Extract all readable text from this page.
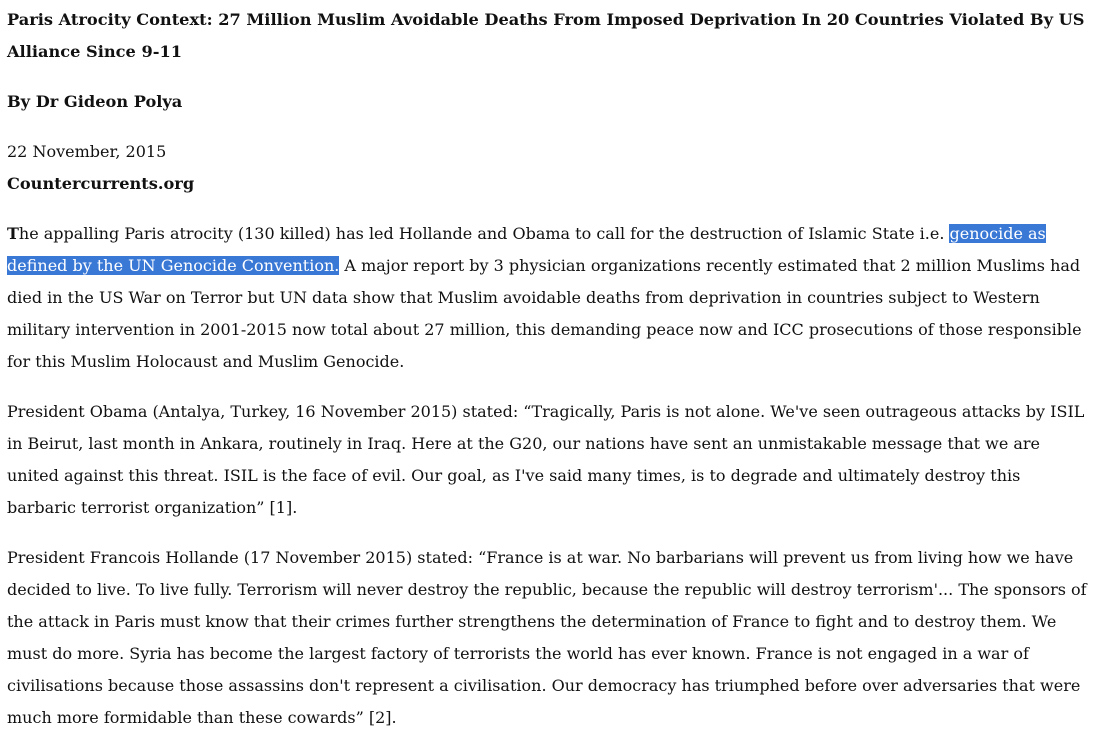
Paris Atrocity Context: 27 Million Muslim Avoidable Deaths From Imposed Deprivation In 20 Countries Violated By US Alliance Since 9-11

By Dr Gideon Polya

22 November, 2015

Countercurrents.org

The appalling Paris atrocity (130 killed) has led Hollande and Obama to call for the destruction of Islamic State i.e. genocide as defined by the UN Genocide Convention. A major report by 3 physician organizations recently estimated that 2 million Muslims had died in the US War on Terror but UN data show that Muslim avoidable deaths from deprivation in countries subject to Western military intervention in 2001-2015 now total about 27 million, this demanding peace now and ICC prosecutions of those responsible for this Muslim Holocaust and Muslim Genocide.

President Obama (Antalya, Turkey, 16 November 2015) stated: “Tragically, Paris is not alone. We've seen outrageous attacks by ISIL in Beirut, last month in Ankara, routinely in Iraq. Here at the G20, our nations have sent an unmistakable message that we are united against this threat. ISIL is the face of evil. Our goal, as I've said many times, is to degrade and ultimately destroy this barbaric terrorist organization” [1].

President Francois Hollande (17 November 2015) stated: “France is at war. No barbarians will prevent us from living how we have decided to live. To live fully. Terrorism will never destroy the republic, because the republic will destroy terrorism'... The sponsors of the attack in Paris must know that their crimes further strengthens the determination of France to fight and to destroy them. We must do more. Syria has become the largest factory of terrorists the world has ever known. France is not engaged in a war of civilisations because those assassins don't represent a civilisation. Our democracy has triumphed before over adversaries that were much more formidable than these cowards” [2].
